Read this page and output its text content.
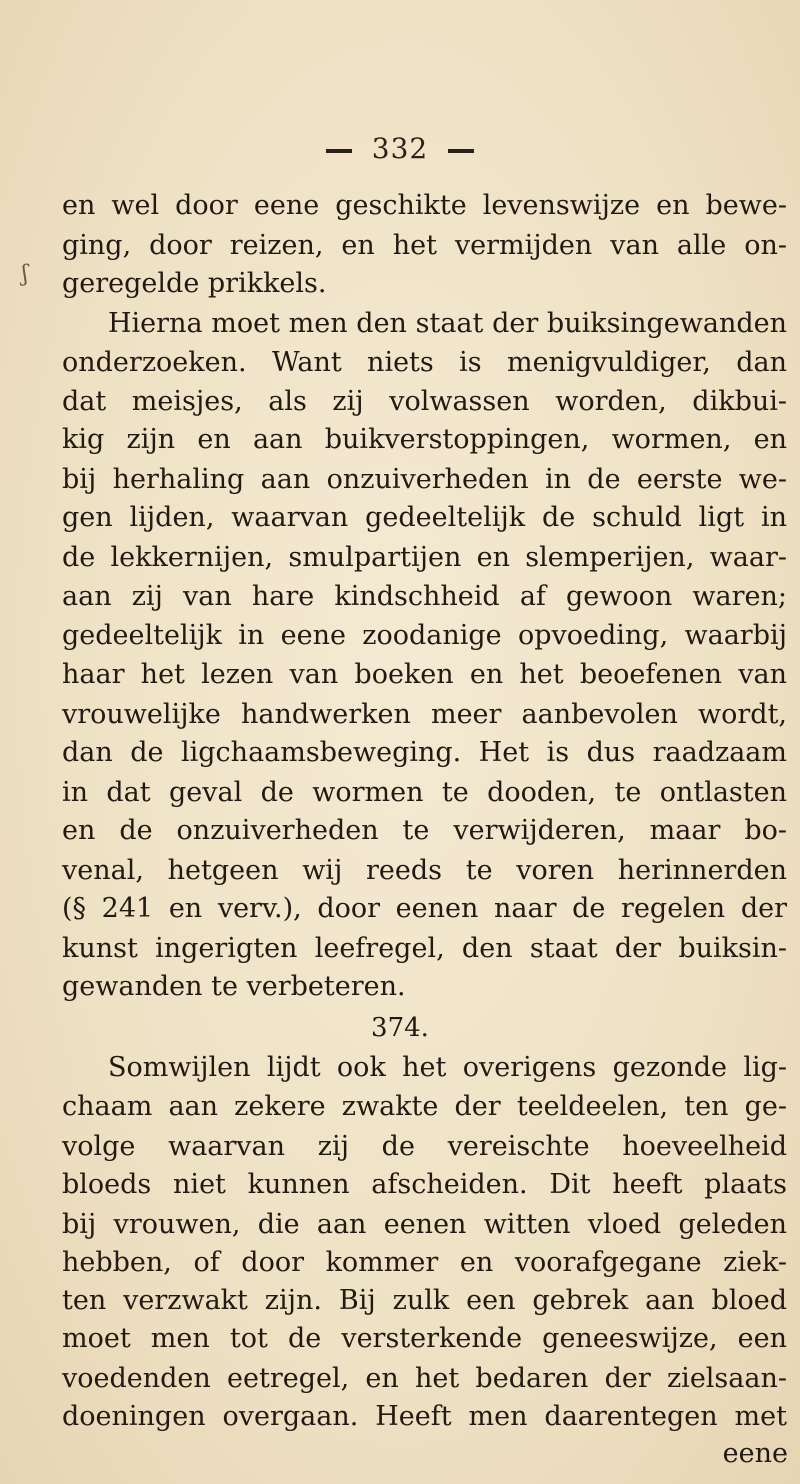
332
ʃ
en wel door eene geschikte levenswijze en bewe-
ging, door reizen, en het vermijden van alle on-
geregelde prikkels.
Hierna moet men den staat der buiksingewanden
onderzoeken. Want niets is menigvuldiger, dan
dat meisjes, als zij volwassen worden, dikbui-
kig zijn en aan buikverstoppingen, wormen, en
bij herhaling aan onzuiverheden in de eerste we-
gen lijden, waarvan gedeeltelijk de schuld ligt in
de lekkernijen, smulpartijen en slemperijen, waar-
aan zij van hare kindschheid af gewoon waren;
gedeeltelijk in eene zoodanige opvoeding, waarbij
haar het lezen van boeken en het beoefenen van
vrouwelijke handwerken meer aanbevolen wordt,
dan de ligchaamsbeweging. Het is dus raadzaam
in dat geval de wormen te dooden, te ontlasten
en de onzuiverheden te verwijderen, maar bo-
venal, hetgeen wij reeds te voren herinnerden
(§ 241 en verv.), door eenen naar de regelen der
kunst ingerigten leefregel, den staat der buiksin-
gewanden te verbeteren.
374.
Somwijlen lijdt ook het overigens gezonde lig-
chaam aan zekere zwakte der teeldeelen, ten ge-
volge waarvan zij de vereischte hoeveelheid
bloeds niet kunnen afscheiden. Dit heeft plaats
bij vrouwen, die aan eenen witten vloed geleden
hebben, of door kommer en voorafgegane ziek-
ten verzwakt zijn. Bij zulk een gebrek aan bloed
moet men tot de versterkende geneeswijze, een
voedenden eetregel, en het bedaren der zielsaan-
doeningen overgaan. Heeft men daarentegen met
eene
